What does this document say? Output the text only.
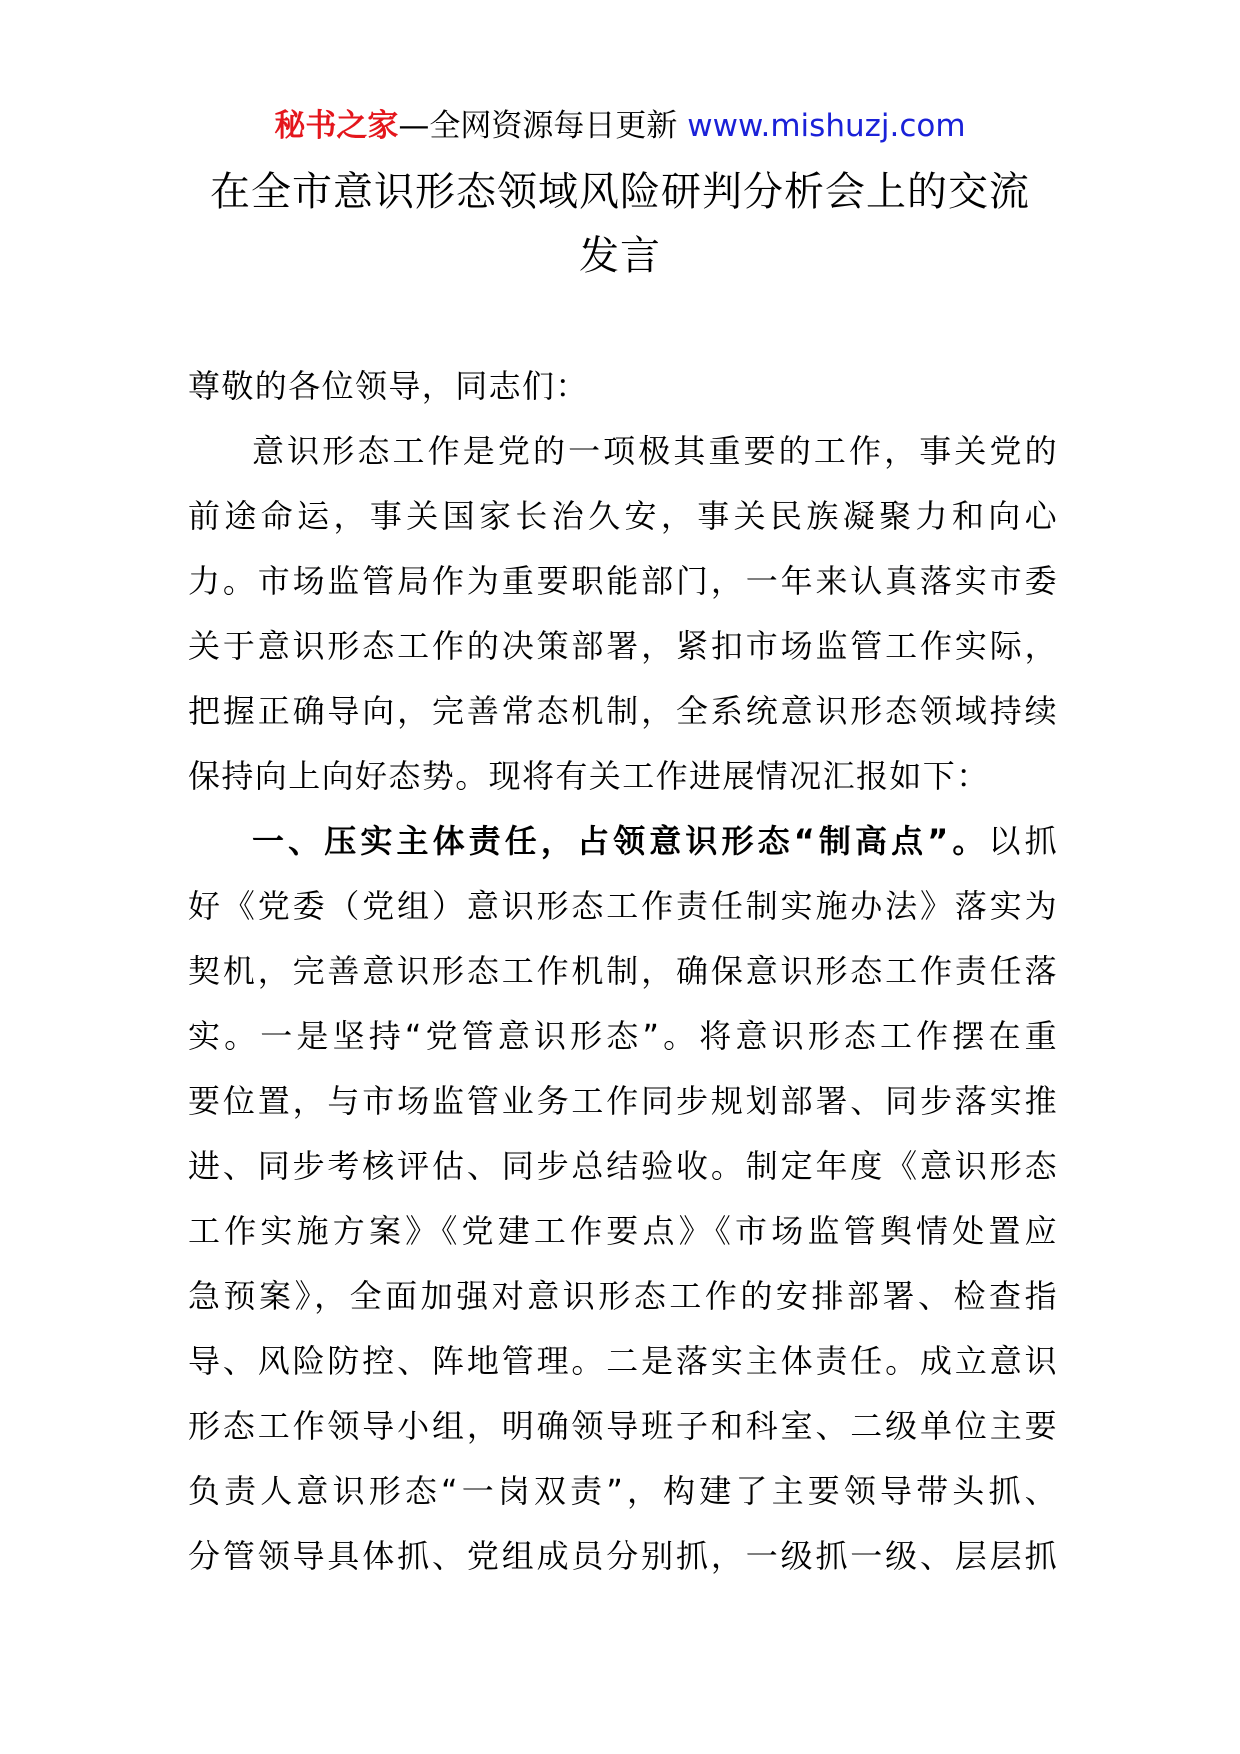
秘书之家—全网资源每日更新 www.mishuzj.com
在全市意识形态领域风险研判分析会上的交流
发言
尊敬的各位领导，同志们：
意识形态工作是党的一项极其重要的工作，事关党的
前途命运，事关国家长治久安，事关民族凝聚力和向心
力。市场监管局作为重要职能部门，一年来认真落实市委
关于意识形态工作的决策部署，紧扣市场监管工作实际，
把握正确导向，完善常态机制，全系统意识形态领域持续
保持向上向好态势。现将有关工作进展情况汇报如下：
一、压实主体责任，占领意识形态“制高点”。以抓
好《党委（党组）意识形态工作责任制实施办法》落实为
契机，完善意识形态工作机制，确保意识形态工作责任落
实。一是坚持“党管意识形态”。将意识形态工作摆在重
要位置，与市场监管业务工作同步规划部署、同步落实推
进、同步考核评估、同步总结验收。制定年度《意识形态
工作实施方案》《党建工作要点》《市场监管舆情处置应
急预案》，全面加强对意识形态工作的安排部署、检查指
导、风险防控、阵地管理。二是落实主体责任。成立意识
形态工作领导小组，明确领导班子和科室、二级单位主要
负责人意识形态“一岗双责”，构建了主要领导带头抓、
分管领导具体抓、党组成员分别抓，一级抓一级、层层抓
